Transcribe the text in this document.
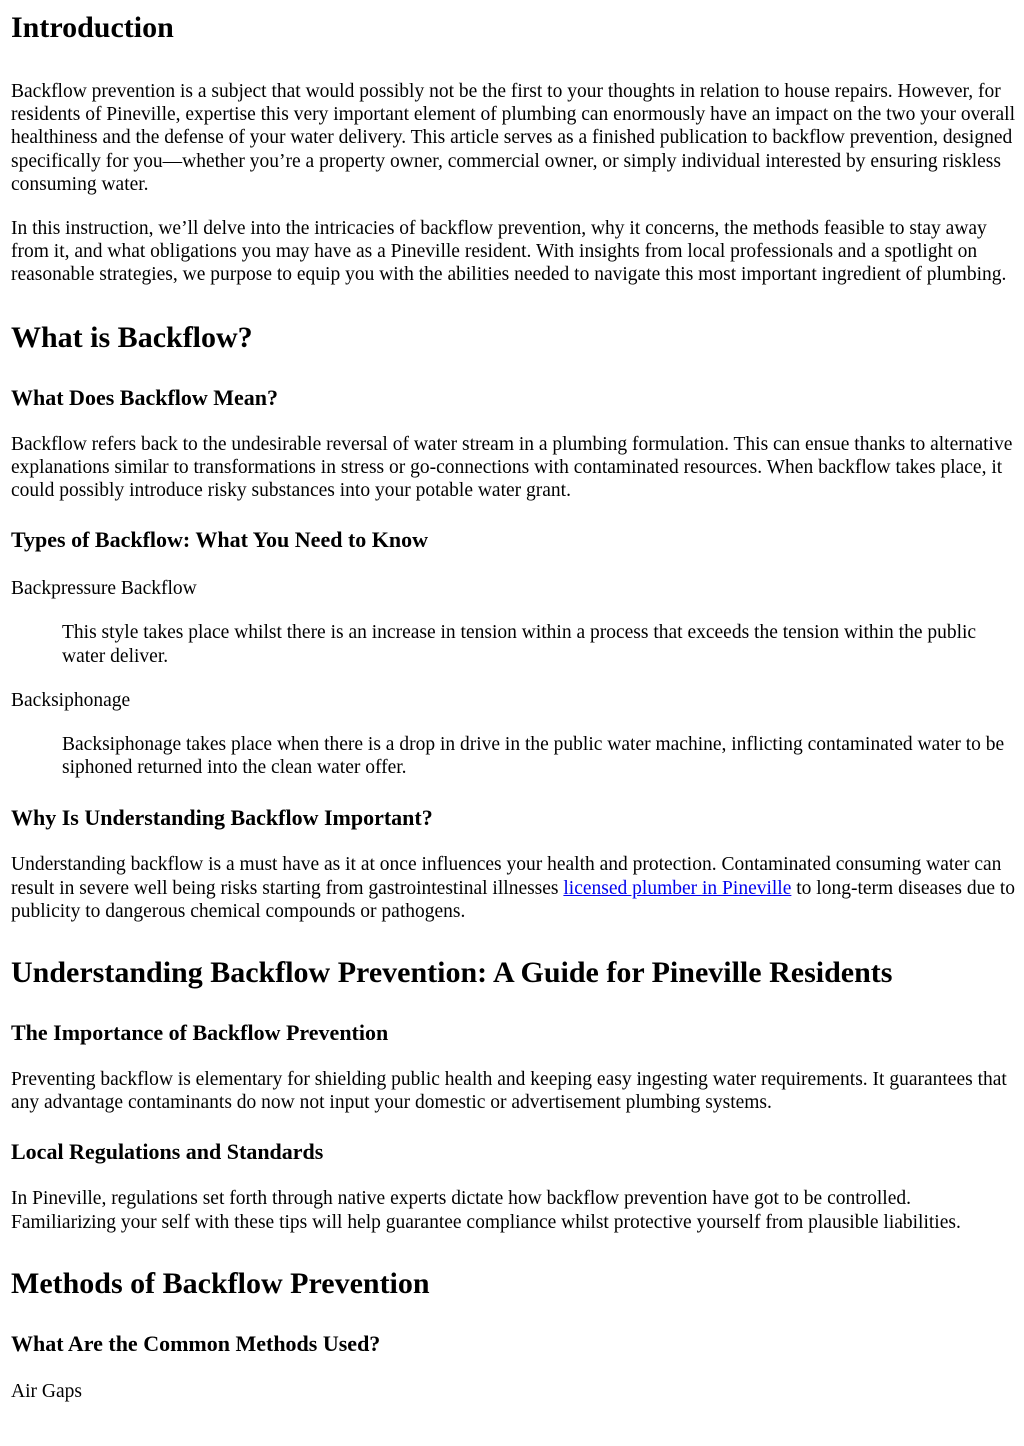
Introduction

Backflow prevention is a subject that would possibly not be the first to your thoughts in relation to house repairs. However, for residents of Pineville, expertise this very important element of plumbing can enormously have an impact on the two your overall healthiness and the defense of your water delivery. This article serves as a finished publication to backflow prevention, designed specifically for you—whether you’re a property owner, commercial owner, or simply individual interested by ensuring riskless consuming water.

In this instruction, we’ll delve into the intricacies of backflow prevention, why it concerns, the methods feasible to stay away from it, and what obligations you may have as a Pineville resident. With insights from local professionals and a spotlight on reasonable strategies, we purpose to equip you with the abilities needed to navigate this most important ingredient of plumbing.

What is Backflow?
What Does Backflow Mean?

Backflow refers back to the undesirable reversal of water stream in a plumbing formulation. This can ensue thanks to alternative explanations similar to transformations in stress or go-connections with contaminated resources. When backflow takes place, it could possibly introduce risky substances into your potable water grant.

Types of Backflow: What You Need to Know

Backpressure Backflow

This style takes place whilst there is an increase in tension within a process that exceeds the tension within the public water deliver.

Backsiphonage

Backsiphonage takes place when there is a drop in drive in the public water machine, inflicting contaminated water to be siphoned returned into the clean water offer.

Why Is Understanding Backflow Important?

Understanding backflow is a must have as it at once influences your health and protection. Contaminated consuming water can result in severe well being risks starting from gastrointestinal illnesses licensed plumber in Pineville to long-term diseases due to publicity to dangerous chemical compounds or pathogens.

Understanding Backflow Prevention: A Guide for Pineville Residents
The Importance of Backflow Prevention

Preventing backflow is elementary for shielding public health and keeping easy ingesting water requirements. It guarantees that any advantage contaminants do now not input your domestic or advertisement plumbing systems.

Local Regulations and Standards

In Pineville, regulations set forth through native experts dictate how backflow prevention have got to be controlled. Familiarizing your self with these tips will help guarantee compliance whilst protective yourself from plausible liabilities.

Methods of Backflow Prevention
What Are the Common Methods Used?

Air Gaps
